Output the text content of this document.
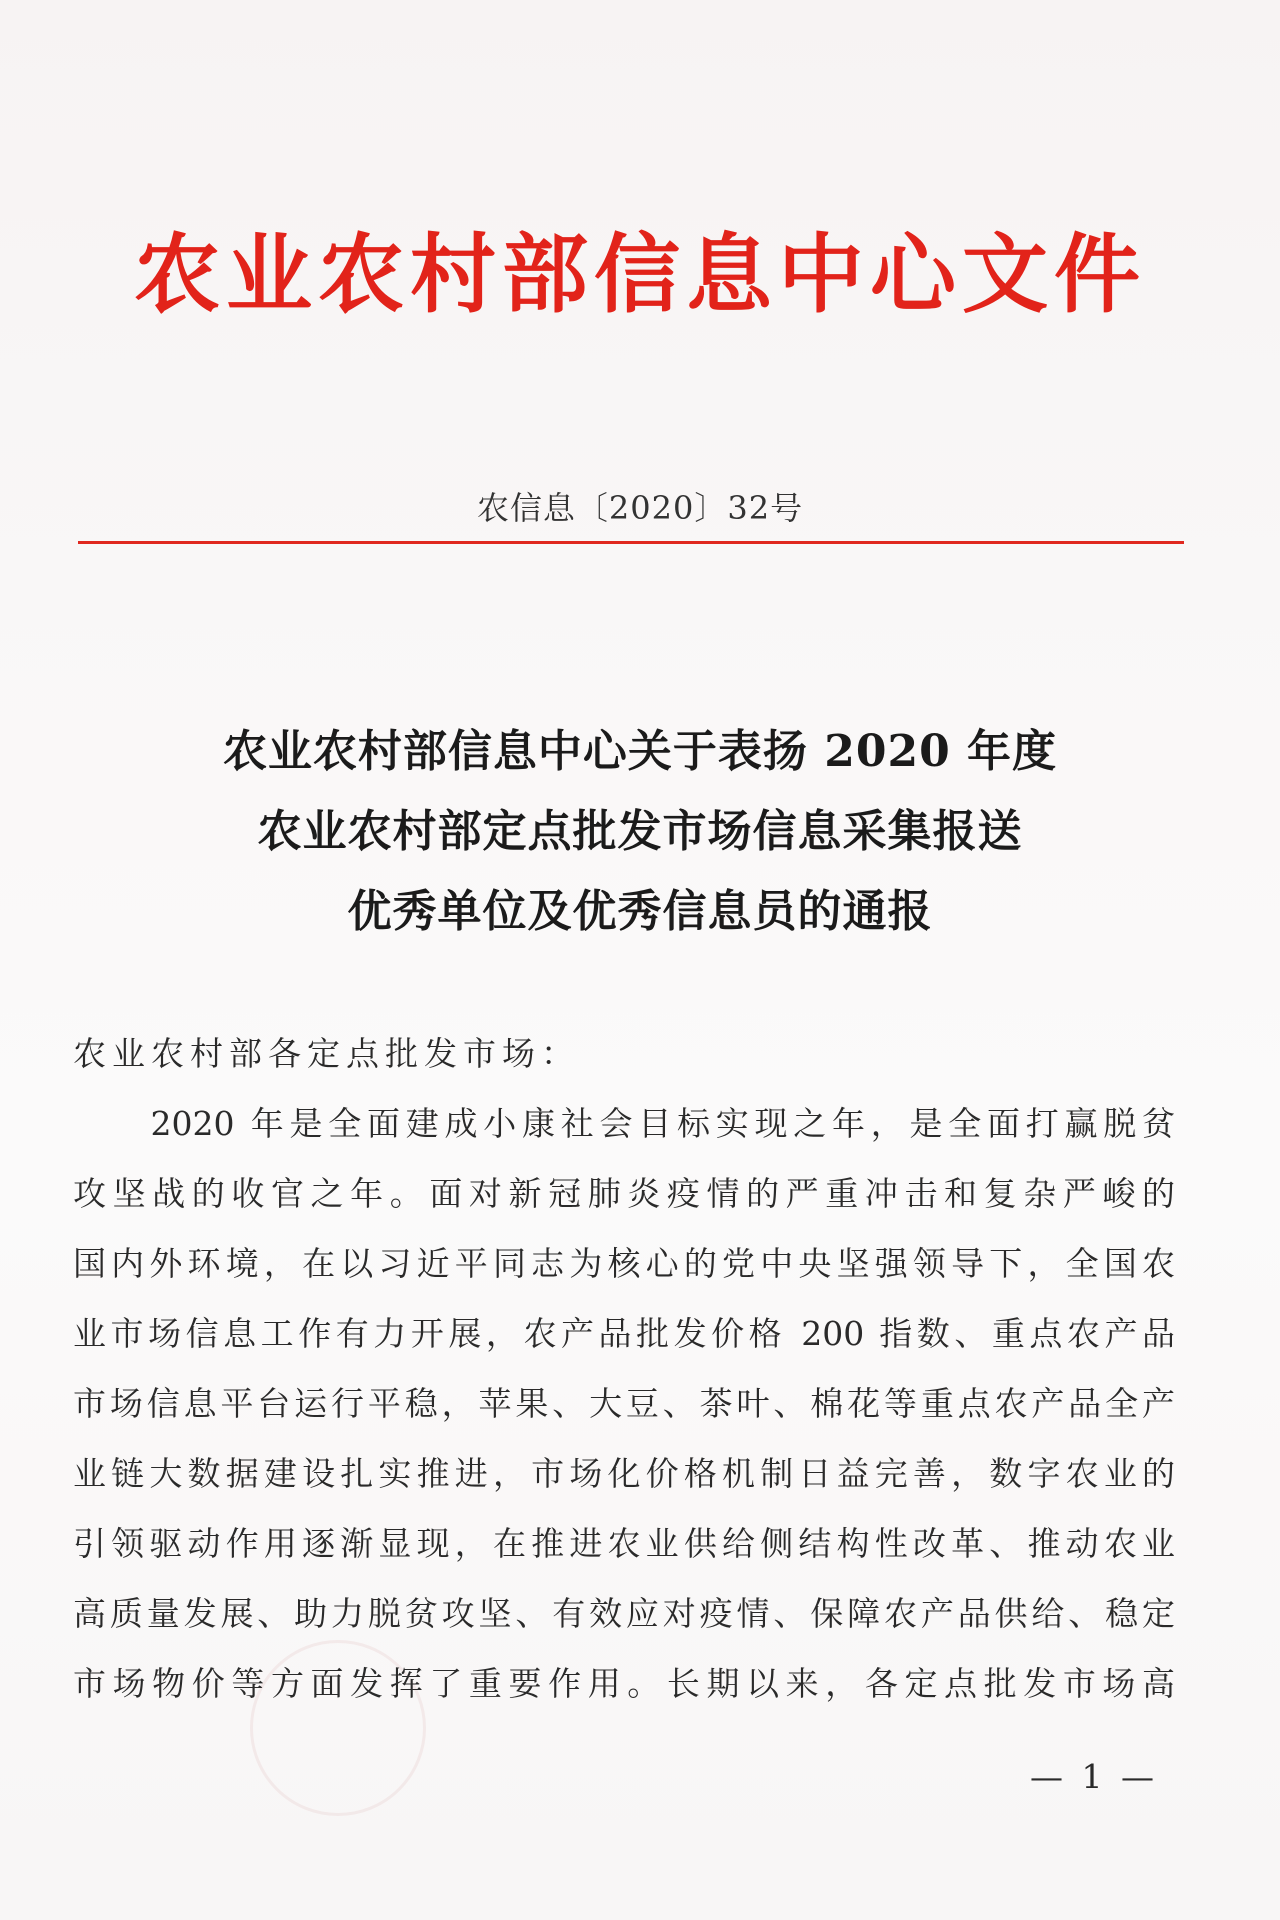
农业农村部信息中心文件
农信息〔2020〕32号
农业农村部信息中心关于表扬 2020 年度
农业农村部定点批发市场信息采集报送
优秀单位及优秀信息员的通报
农业农村部各定点批发市场：
　　2020 年是全面建成小康社会目标实现之年，是全面打赢脱贫
攻坚战的收官之年。面对新冠肺炎疫情的严重冲击和复杂严峻的
国内外环境，在以习近平同志为核心的党中央坚强领导下，全国农
业市场信息工作有力开展，农产品批发价格 200 指数、重点农产品
市场信息平台运行平稳，苹果、大豆、茶叶、棉花等重点农产品全产
业链大数据建设扎实推进，市场化价格机制日益完善，数字农业的
引领驱动作用逐渐显现，在推进农业供给侧结构性改革、推动农业
高质量发展、助力脱贫攻坚、有效应对疫情、保障农产品供给、稳定
市场物价等方面发挥了重要作用。长期以来，各定点批发市场高
— 1 —
